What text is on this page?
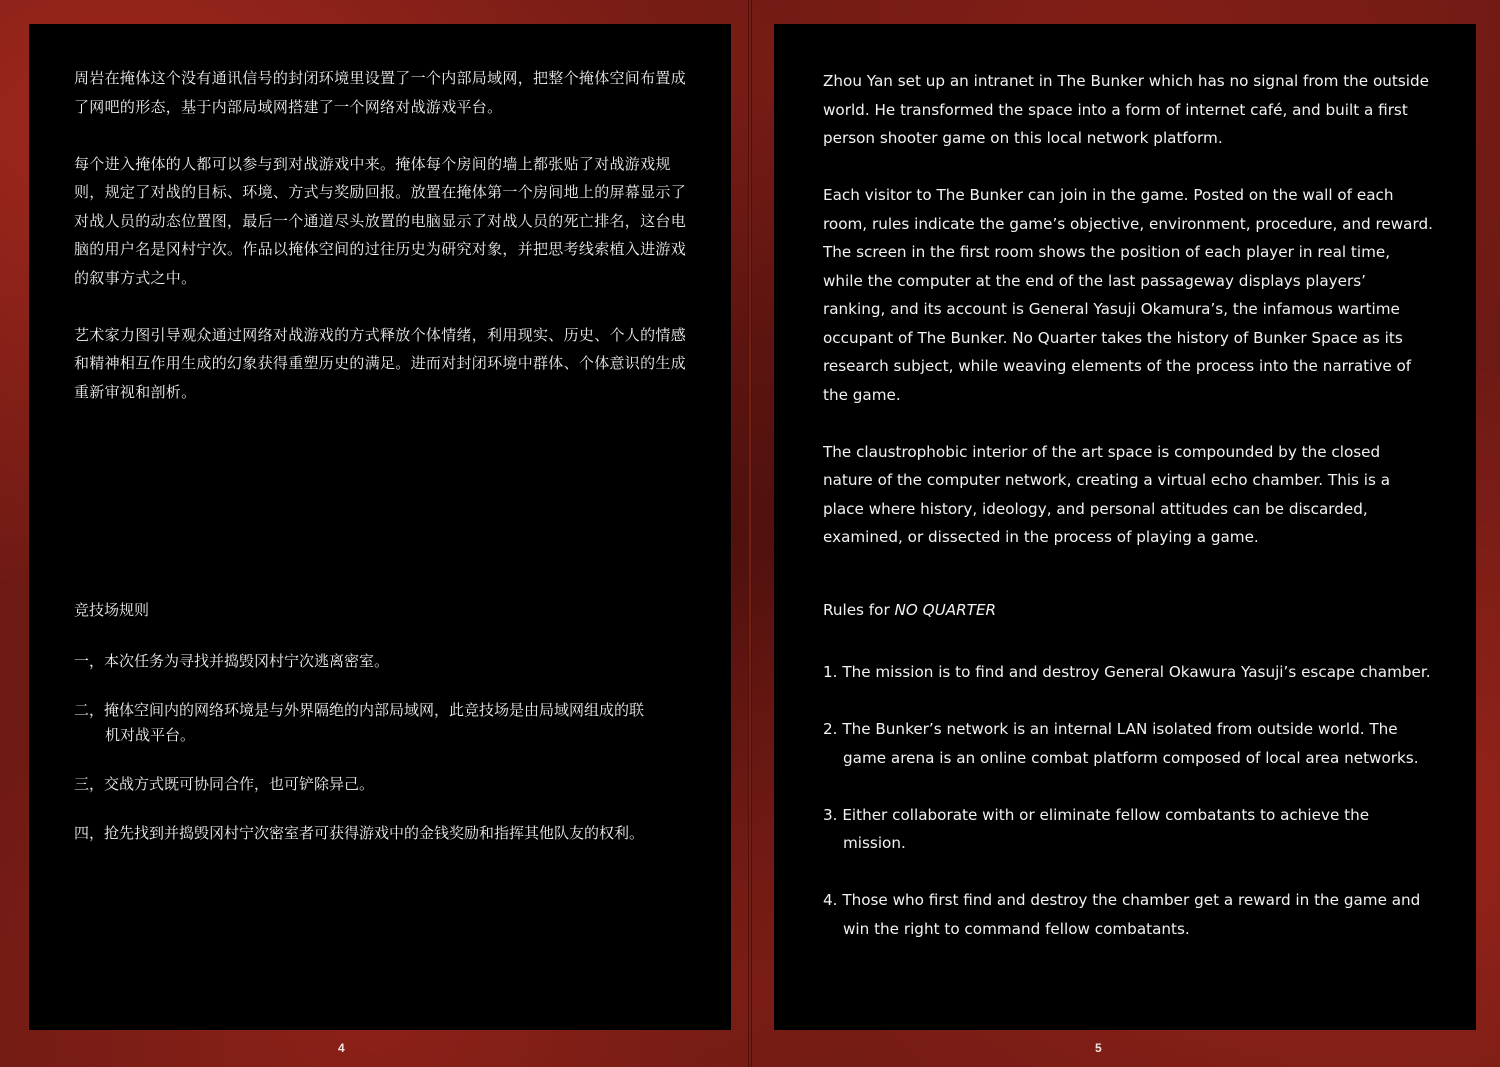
周岩在掩体这个没有通讯信号的封闭环境里设置了一个内部局域网，把整个掩体空间布置成了网吧的形态，基于内部局域网搭建了一个网络对战游戏平台。

每个进入掩体的人都可以参与到对战游戏中来。掩体每个房间的墙上都张贴了对战游戏规则，规定了对战的目标、环境、方式与奖励回报。放置在掩体第一个房间地上的屏幕显示了对战人员的动态位置图，最后一个通道尽头放置的电脑显示了对战人员的死亡排名，这台电脑的用户名是冈村宁次。作品以掩体空间的过往历史为研究对象，并把思考线索植入进游戏的叙事方式之中。

艺术家力图引导观众通过网络对战游戏的方式释放个体情绪，利用现实、历史、个人的情感和精神相互作用生成的幻象获得重塑历史的满足。进而对封闭环境中群体、个体意识的生成重新审视和剖析。

竞技场规则

一，本次任务为寻找并捣毁冈村宁次逃离密室。
二，掩体空间内的网络环境是与外界隔绝的内部局域网，此竞技场是由局域网组成的联机对战平台。
三，交战方式既可协同合作，也可铲除异己。
四，抢先找到并捣毁冈村宁次密室者可获得游戏中的金钱奖励和指挥其他队友的权利。
4

Zhou Yan set up an intranet in The Bunker which has no signal from the outside world. He transformed the space into a form of internet café, and built a first person shooter game on this local network platform.

Each visitor to The Bunker can join in the game. Posted on the wall of each room, rules indicate the game’s objective, environment, procedure, and reward. The screen in the first room shows the position of each player in real time, while the computer at the end of the last passageway displays players’ ranking, and its account is General Yasuji Okamura’s, the infamous wartime occupant of The Bunker. No Quarter takes the history of Bunker Space as its research subject, while weaving elements of the process into the narrative of the game.

The claustrophobic interior of the art space is compounded by the closed nature of the computer network, creating a virtual echo chamber. This is a place where history, ideology, and personal attitudes can be discarded, examined, or dissected in the process of playing a game.

Rules for NO QUARTER

1. The mission is to find and destroy General Okawura Yasuji’s escape chamber.
2. The Bunker’s network is an internal LAN isolated from outside world. The game arena is an online combat platform composed of local area networks.
3. Either collaborate with or eliminate fellow combatants to achieve the mission.
4. Those who first find and destroy the chamber get a reward in the game and win the right to command fellow combatants.
5
